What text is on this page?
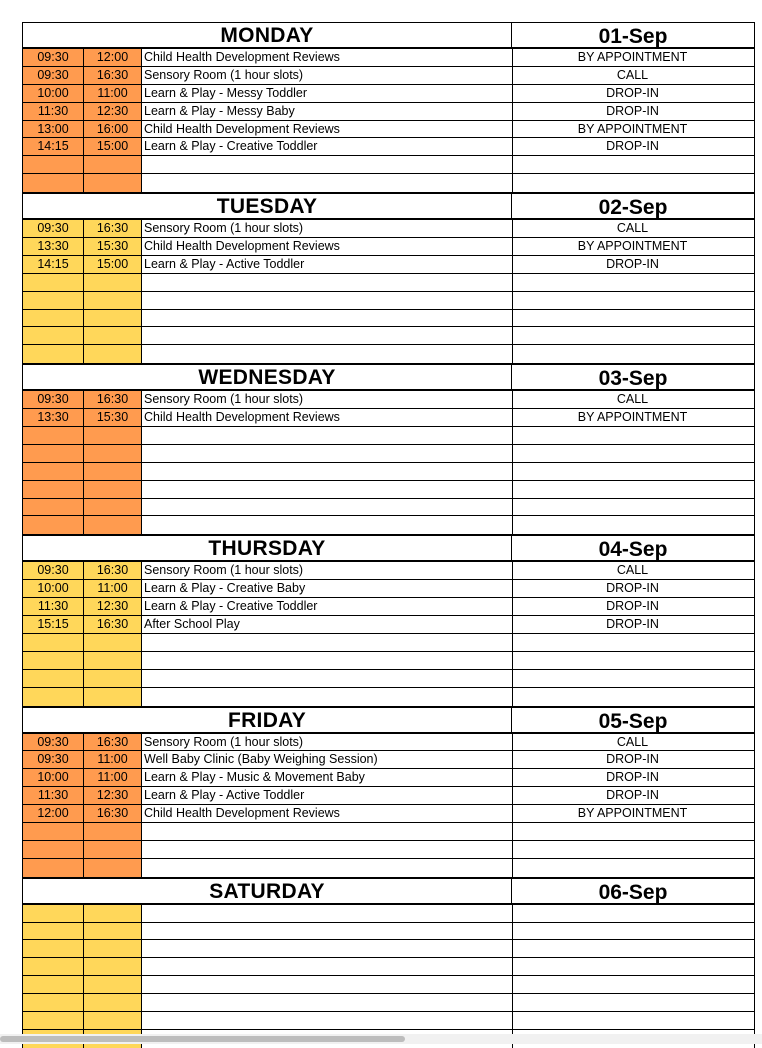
MONDAY	01-Sep
09:30	12:00	Child Health Development Reviews	BY APPOINTMENT
09:30	16:30	Sensory Room (1 hour slots)	CALL
10:00	11:00	Learn & Play - Messy Toddler	DROP-IN
11:30	12:30	Learn & Play - Messy Baby	DROP-IN
13:00	16:00	Child Health Development Reviews	BY APPOINTMENT
14:15	15:00	Learn & Play - Creative Toddler	DROP-IN
TUESDAY	02-Sep
09:30	16:30	Sensory Room (1 hour slots)	CALL
13:30	15:30	Child Health Development Reviews	BY APPOINTMENT
14:15	15:00	Learn & Play - Active Toddler	DROP-IN
WEDNESDAY	03-Sep
09:30	16:30	Sensory Room (1 hour slots)	CALL
13:30	15:30	Child Health Development Reviews	BY APPOINTMENT
THURSDAY	04-Sep
09:30	16:30	Sensory Room (1 hour slots)	CALL
10:00	11:00	Learn & Play - Creative Baby	DROP-IN
11:30	12:30	Learn & Play - Creative Toddler	DROP-IN
15:15	16:30	After School Play	DROP-IN
FRIDAY	05-Sep
09:30	16:30	Sensory Room (1 hour slots)	CALL
09:30	11:00	Well Baby Clinic (Baby Weighing Session)	DROP-IN
10:00	11:00	Learn & Play - Music & Movement Baby	DROP-IN
11:30	12:30	Learn & Play - Active Toddler	DROP-IN
12:00	16:30	Child Health Development Reviews	BY APPOINTMENT
SATURDAY	06-Sep
